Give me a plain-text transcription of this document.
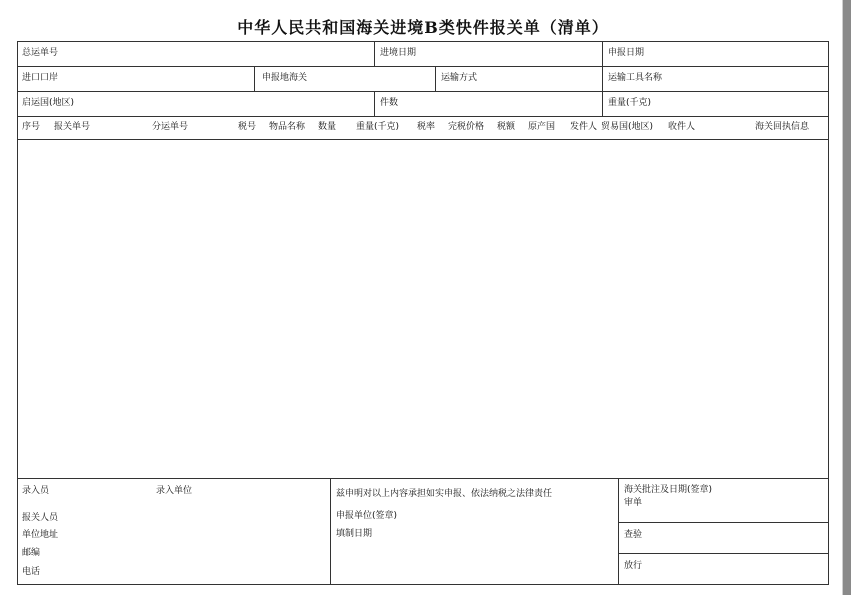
中华人民共和国海关进境B类快件报关单（清单）
总运单号	进境日期	申报日期
进口口岸	申报地海关	运输方式	运输工具名称
启运国(地区)	件数	重量(千克)
序号 报关单号	分运单号	税号 物品名称 数量 重量(千克) 税率 完税价格 税额 原产国 发件人 贸易国(地区) 收件人	海关回执信息
录入员	录入单位
报关人员
单位地址
邮编
电话
兹申明对以上内容承担如实申报、依法纳税之法律责任
申报单位(签章)
填制日期
海关批注及日期(签章)
审单
查验
放行
